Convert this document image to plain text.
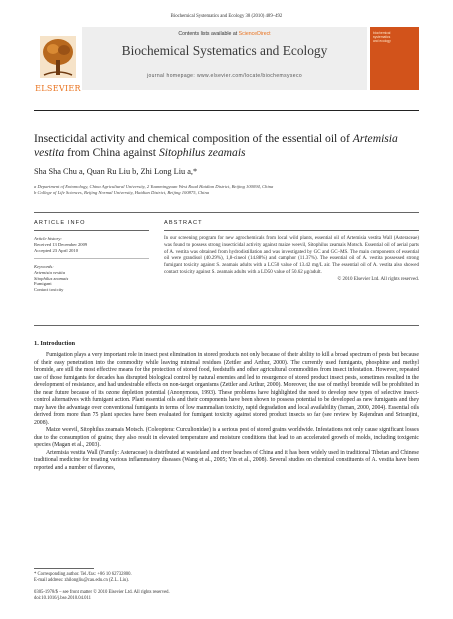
Biochemical Systematics and Ecology 38 (2010) 489–492
ELSEVIER
Contents lists available at ScienceDirect
Biochemical Systematics and Ecology
journal homepage: www.elsevier.com/locate/biochemsyseco
biochemical
systematics
and ecology
Insecticidal activity and chemical composition of the essential oil of Artemisia vestita from China against Sitophilus zeamais
Sha Sha Chu a, Quan Ru Liu b, Zhi Long Liu a,*
a Department of Entomology, China Agricultural University, 2 Yuanmingyuan West Road Haidian District, Beijing 100094, China
b College of Life Sciences, Beijing Normal University, Haidian District, Beijing 100875, China
ARTICLE INFO	ABSTRACT
Article history:
Received 13 December 2009
Accepted 23 April 2010
Keywords:
Artemisia vestita
Sitophilus zeamais
Fumigant
Contact toxicity
In our screening program for new agrochemicals from local wild plants, essential oil of Artemisia vestita Wall (Asteraceae) was found to possess strong insecticidal activity against maize weevil, Sitophilus zeamais Motsch. Essential oil of aerial parts of A. vestita was obtained from hydrodistillation and was investigated by GC and GC–MS. The main components of essential oil were grandisol (40.29%), 1,8-cineol (14.88%) and camphor (11.37%). The essential oil of A. vestita possessed strong fumigant toxicity against S. zeamais adults with a LC50 value of 13.42 mg/L air. The essential oil of A. vestita also showed contact toxicity against S. zeamais adults with a LD50 value of 50.62 μg/adult.
© 2010 Elsevier Ltd. All rights reserved.
1. Introduction

Fumigation plays a very important role in insect pest elimination in stored products not only because of their ability to kill a broad spectrum of pests but because of their easy penetration into the commodity while leaving minimal residues (Zettler and Arthur, 2000). The currently used fumigants, phosphine and methyl bromide, are still the most effective means for the protection of stored food, feedstuffs and other agricultural commodities from insect infestation. However, repeated use of those fumigants for decades has disrupted biological control by natural enemies and led to resurgence of stored product insect pests, sometimes resulted in the development of resistance, and had undesirable effects on non-target organisms (Zettler and Arthur, 2000). Moreover, the use of methyl bromide will be prohibited in the near future because of its ozone depletion potential (Anonymous, 1993). These problems have highlighted the need to develop new types of selective insect-control alternatives with fumigant action. Plant essential oils and their components have been shown to possess potential to be developed as new fumigants and they may have the advantage over conventional fumigants in terms of low mammalian toxicity, rapid degradation and local availability (Isman, 2000, 2004). Essential oils derived from more than 75 plant species have been evaluated for fumigant toxicity against stored product insects so far (see review by Rajendran and Sriranjini, 2008).

Maize weevil, Sitophilus zeamais Motsch. (Coleoptera: Curculionidae) is a serious pest of stored grains worldwide. Infestations not only cause significant losses due to the consumption of grains; they also result in elevated temperature and moisture conditions that lead to an accelerated growth of molds, including toxigenic species (Magan et al., 2003).

Artemisia vestita Wall (Family: Asteraceae) is distributed at wasteland and river beaches of China and it has been widely used in traditional Tibetan and Chinese traditional medicine for treating various inflammatory diseases (Wang et al., 2005; Yin et al., 2008). Several studies on chemical constituents of A. vestita have been reported and a number of flavones,

* Corresponding author. Tel./fax: +86 10 62732800.
E-mail address: zhilongliu@cau.edu.cn (Z.L. Liu).
0305-1978/$ – see front matter © 2010 Elsevier Ltd. All rights reserved.
doi:10.1016/j.bse.2010.04.011
